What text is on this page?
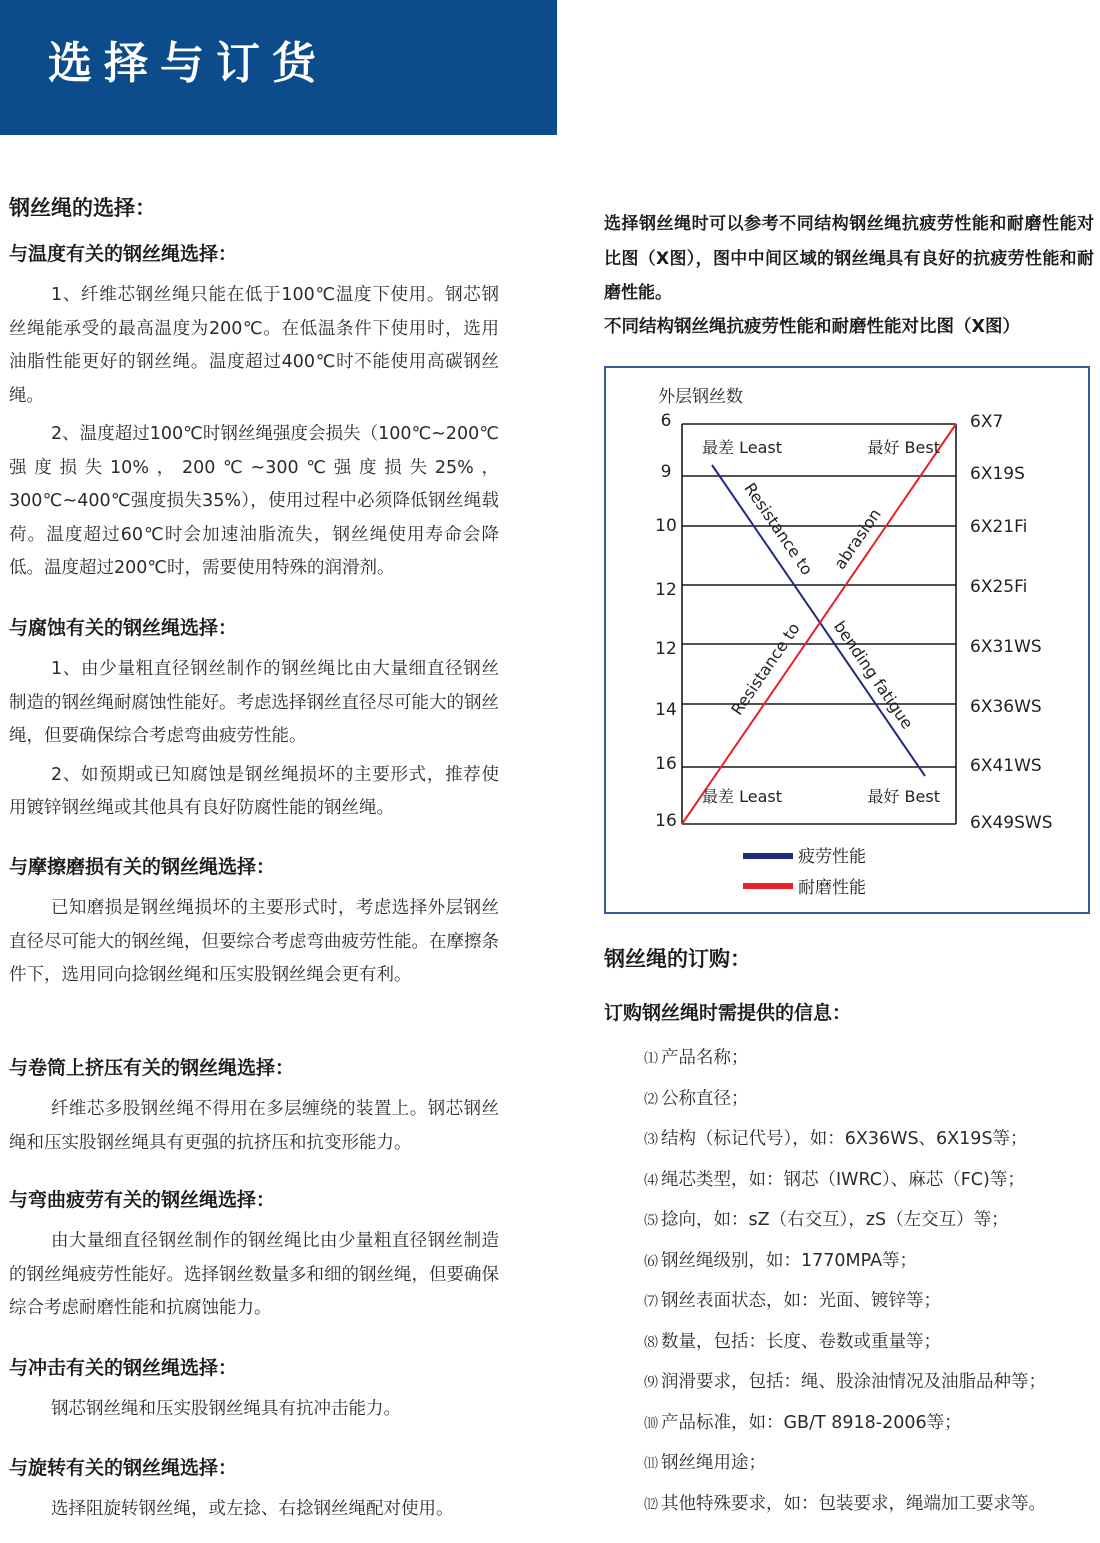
选择与订货
钢丝绳的选择：
与温度有关的钢丝绳选择：

1、纤维芯钢丝绳只能在低于100℃温度下使用。钢芯钢丝绳能承受的最高温度为200℃。在低温条件下使用时，选用油脂性能更好的钢丝绳。温度超过400℃时不能使用高碳钢丝绳。

2、温度超过100℃时钢丝绳强度会损失（100℃~200℃强度损失10%，200℃~300℃强度损失25%，300℃~400℃强度损失35%），使用过程中必须降低钢丝绳载荷。温度超过60℃时会加速油脂流失，钢丝绳使用寿命会降低。温度超过200℃时，需要使用特殊的润滑剂。

与腐蚀有关的钢丝绳选择：

1、由少量粗直径钢丝制作的钢丝绳比由大量细直径钢丝制造的钢丝绳耐腐蚀性能好。考虑选择钢丝直径尽可能大的钢丝绳，但要确保综合考虑弯曲疲劳性能。

2、如预期或已知腐蚀是钢丝绳损坏的主要形式，推荐使用镀锌钢丝绳或其他具有良好防腐性能的钢丝绳。

与摩擦磨损有关的钢丝绳选择：

已知磨损是钢丝绳损坏的主要形式时，考虑选择外层钢丝直径尽可能大的钢丝绳，但要综合考虑弯曲疲劳性能。在摩擦条件下，选用同向捻钢丝绳和压实股钢丝绳会更有利。

与卷筒上挤压有关的钢丝绳选择：

纤维芯多股钢丝绳不得用在多层缠绕的装置上。钢芯钢丝绳和压实股钢丝绳具有更强的抗挤压和抗变形能力。

与弯曲疲劳有关的钢丝绳选择：

由大量细直径钢丝制作的钢丝绳比由少量粗直径钢丝制造的钢丝绳疲劳性能好。选择钢丝数量多和细的钢丝绳，但要确保综合考虑耐磨性能和抗腐蚀能力。

与冲击有关的钢丝绳选择：

钢芯钢丝绳和压实股钢丝绳具有抗冲击能力。

与旋转有关的钢丝绳选择：

选择阻旋转钢丝绳，或左捻、右捻钢丝绳配对使用。

选择钢丝绳时可以参考不同结构钢丝绳抗疲劳性能和耐磨性能对比图（X图），图中中间区域的钢丝绳具有良好的抗疲劳性能和耐磨性能。

不同结构钢丝绳抗疲劳性能和耐磨性能对比图（X图）
6	6X7
9	6X19S
10	6X21Fi
12	6X25Fi
12	6X31WS
14	6X36WS
16	6X41WS
16	6X49SWS
外层钢丝数
最差 Least	最好 Best
最差 Least	最好 Best
Resistance to
bending fatigue
Resistance to
abrasion
疲劳性能
耐磨性能
钢丝绳的订购：
订购钢丝绳时需提供的信息：
⑴ 产品名称；
⑵ 公称直径；
⑶ 结构（标记代号），如：6X36WS、6X19S等；
⑷ 绳芯类型，如：钢芯（IWRC）、麻芯（FC)等；
⑸ 捻向，如：sZ（右交互），zS（左交互）等；
⑹ 钢丝绳级别，如：1770MPA等；
⑺ 钢丝表面状态，如：光面、镀锌等；
⑻ 数量，包括：长度、卷数或重量等；
⑼ 润滑要求，包括：绳、股涂油情况及油脂品种等；
⑽ 产品标准，如：GB/T 8918-2006等；
⑾ 钢丝绳用途；
⑿ 其他特殊要求，如：包装要求，绳端加工要求等。
